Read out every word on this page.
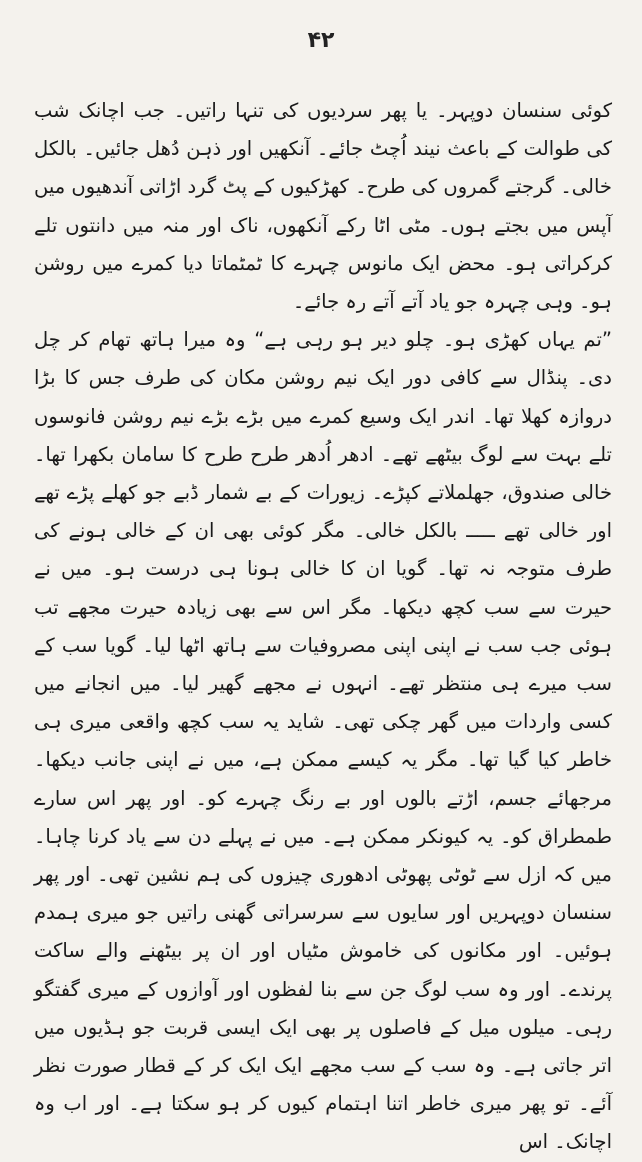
۴۲

کوئی سنسان دوپہر۔ یا پھر سردیوں کی تنہا راتیں۔ جب اچانک شب کی طوالت کے باعث نیند اُچٹ جائے۔ آنکھیں اور ذہن دُھل جائیں۔ بالکل خالی۔ گرجتے گمروں کی طرح۔ کھڑکیوں کے پٹ گرد اڑاتی آندھیوں میں آپس میں بجتے ہوں۔ مٹی اٹا رکے آنکھوں، ناک اور منہ میں دانتوں تلے کرکراتی ہو۔ محض ایک مانوس چہرے کا ٹمٹماتا دیا کمرے میں روشن ہو۔ وہی چہرہ جو یاد آتے آتے رہ جائے۔

”تم یہاں کھڑی ہو۔ چلو دیر ہو رہی ہے“ وہ میرا ہاتھ تھام کر چل دی۔ پنڈال سے کافی دور ایک نیم روشن مکان کی طرف جس کا بڑا دروازہ کھلا تھا۔ اندر ایک وسیع کمرے میں بڑے بڑے نیم روشن فانوسوں تلے بہت سے لوگ بیٹھے تھے۔ ادھر اُدھر طرح طرح کا سامان بکھرا تھا۔ خالی صندوق، جھلملاتے کپڑے۔ زیورات کے بے شمار ڈبے جو کھلے پڑے تھے اور خالی تھے ـــــ بالکل خالی۔ مگر کوئی بھی ان کے خالی ہونے کی طرف متوجہ نہ تھا۔ گویا ان کا خالی ہونا ہی درست ہو۔ میں نے حیرت سے سب کچھ دیکھا۔ مگر اس سے بھی زیادہ حیرت مجھے تب ہوئی جب سب نے اپنی اپنی مصروفیات سے ہاتھ اٹھا لیا۔ گویا سب کے سب میرے ہی منتظر تھے۔ انہوں نے مجھے گھیر لیا۔ میں انجانے میں کسی واردات میں گھر چکی تھی۔ شاید یہ سب کچھ واقعی میری ہی خاطر کیا گیا تھا۔ مگر یہ کیسے ممکن ہے، میں نے اپنی جانب دیکھا۔ مرجھائے جسم، اڑتے بالوں اور بے رنگ چہرے کو۔ اور پھر اس سارے طمطراق کو۔ یہ کیونکر ممکن ہے۔ میں نے پہلے دن سے یاد کرنا چاہا۔ میں کہ ازل سے ٹوٹی پھوٹی ادھوری چیزوں کی ہم نشین تھی۔ اور پھر سنسان دوپہریں اور سایوں سے سرسراتی گھنی راتیں جو میری ہمدم ہوئیں۔ اور مکانوں کی خاموش مٹیاں اور ان پر بیٹھنے والے ساکت پرندے۔ اور وہ سب لوگ جن سے بنا لفظوں اور آوازوں کے میری گفتگو رہی۔ میلوں میل کے فاصلوں پر بھی ایک ایسی قربت جو ہڈیوں میں اتر جاتی ہے۔ وہ سب کے سب مجھے ایک ایک کر کے قطار صورت نظر آئے۔ تو پھر میری خاطر اتنا اہتمام کیوں کر ہو سکتا ہے۔ اور اب وہ اچانک۔ اس
